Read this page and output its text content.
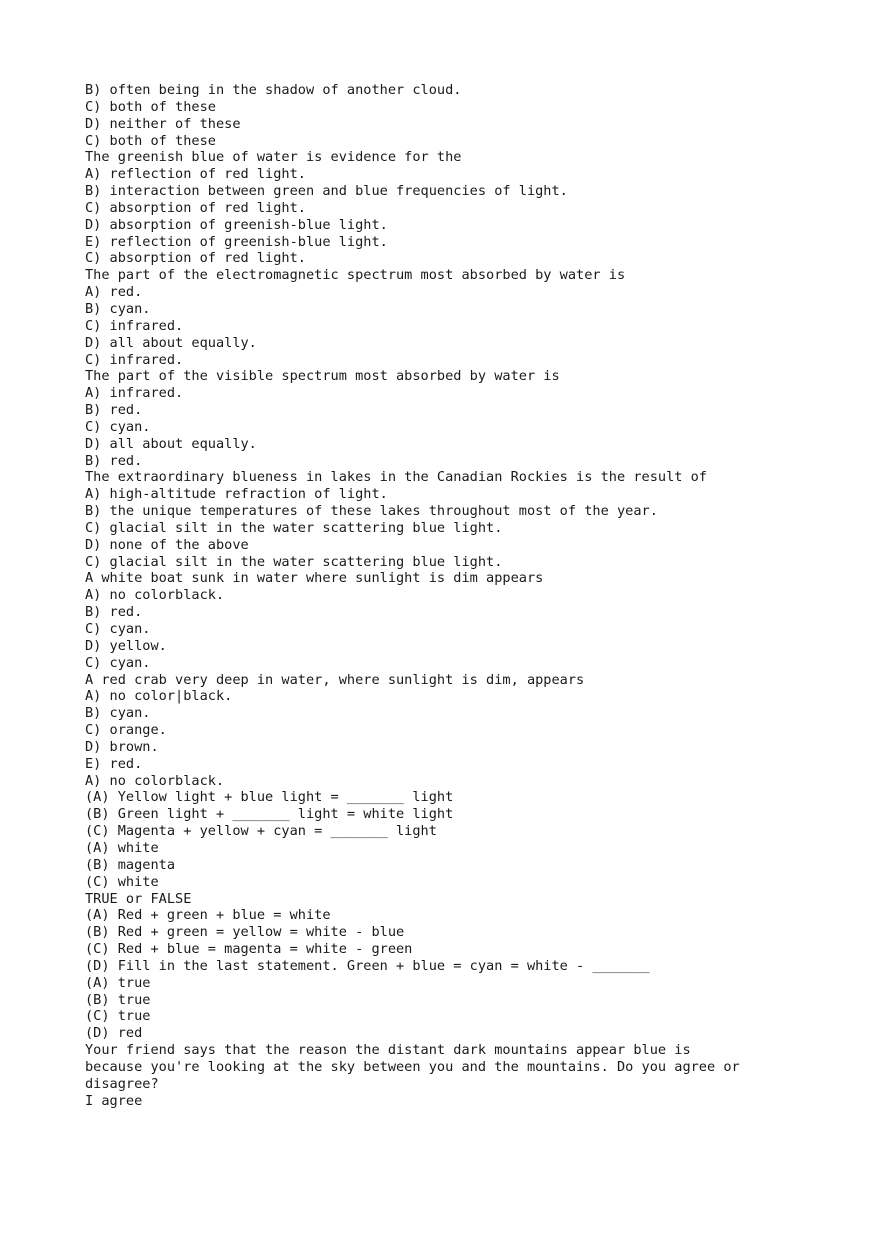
B) often being in the shadow of another cloud.
C) both of these
D) neither of these
C) both of these
The greenish blue of water is evidence for the
A) reflection of red light.
B) interaction between green and blue frequencies of light.
C) absorption of red light.
D) absorption of greenish-blue light.
E) reflection of greenish-blue light.
C) absorption of red light.
The part of the electromagnetic spectrum most absorbed by water is
A) red.
B) cyan.
C) infrared.
D) all about equally.
C) infrared.
The part of the visible spectrum most absorbed by water is
A) infrared.
B) red.
C) cyan.
D) all about equally.
B) red.
The extraordinary blueness in lakes in the Canadian Rockies is the result of
A) high-altitude refraction of light.
B) the unique temperatures of these lakes throughout most of the year.
C) glacial silt in the water scattering blue light.
D) none of the above
C) glacial silt in the water scattering blue light.
A white boat sunk in water where sunlight is dim appears
A) no colorblack.
B) red.
C) cyan.
D) yellow.
C) cyan.
A red crab very deep in water, where sunlight is dim, appears
A) no color|black.
B) cyan.
C) orange.
D) brown.
E) red.
A) no colorblack.
(A) Yellow light + blue light = _______ light
(B) Green light + _______ light = white light
(C) Magenta + yellow + cyan = _______ light
(A) white
(B) magenta
(C) white
TRUE or FALSE
(A) Red + green + blue = white
(B) Red + green = yellow = white - blue
(C) Red + blue = magenta = white - green
(D) Fill in the last statement. Green + blue = cyan = white - _______
(A) true
(B) true
(C) true
(D) red
Your friend says that the reason the distant dark mountains appear blue is
because you're looking at the sky between you and the mountains. Do you agree or
disagree?
I agree
